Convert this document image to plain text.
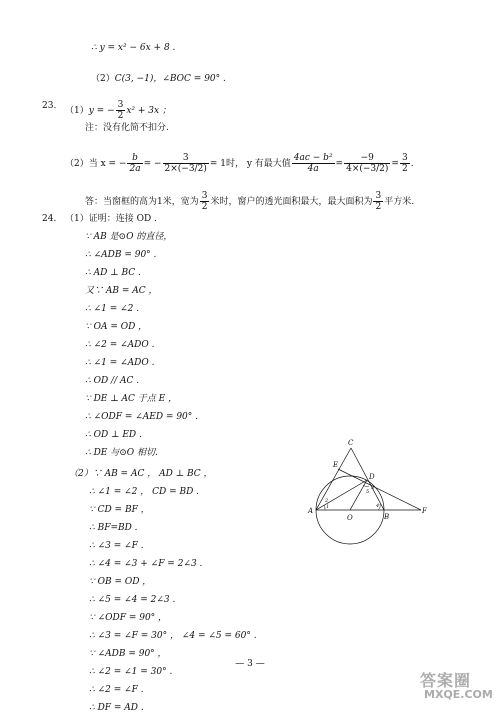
∴ y = x² − 6x + 8 .
（2）C(3, −1)，∠BOC = 90° .
23. （1）y = − $\frac{3}{2} x^2 + 3x$ ；
注：没有化简不扣分.
（2）当 x = − $\frac{b}{2a}$ = − $\frac{3}{2\times(-3/2)} = 1$时， y 有最大值 $\frac{\text{4ac − b²}}{4a} = \frac{-9}{4\times(-3/2)} = \frac{3}{2}$ .
答：当窗框的高为1米，宽为 $\frac{3}{2}$ 米时，窗户的透光面积最大，最大面积为 $\frac{3}{2}$ 平方米.
24. （1）证明：连接 OD .
∵ AB 是⊙O 的直径，
∴ ∠ADB = 90° .
∴ AD ⊥ BC .
又∵ AB = AC ，
∴ ∠1 = ∠2 .
∵ OA = OD ，
∴ ∠2 = ∠ADO .
∴ ∠1 = ∠ADO .
∴ OD // AC .
∵ DE ⊥ AC 于点 E ，
∴ ∠ODF = ∠AED = 90° .
∴ OD ⊥ ED .
∴ DE 与⊙O 相切.
（2）∵ AB = AC ， AD ⊥ BC ，
∴ ∠1 = ∠2 ， CD = BD .
∵ CD = BF ，
∴ BF=BD .
∴ ∠3 = ∠F .
∴ ∠4 = ∠3 + ∠F = 2∠3 .
∵ OB = OD ，
∴ ∠5 = ∠4 = 2∠3 .
∵ ∠ODF = 90° ，
∴ ∠3 = ∠F = 30° ， ∠4 = ∠5 = 60° .
∵ ∠ADB = 90° ，
∴ ∠2 = ∠1 = 30° .
∴ ∠2 = ∠F .
∴ DF = AD .
C
E
D
A
O	B
F
1
2
3
4
5
— 3 —
答案圈
MXQE.COM
